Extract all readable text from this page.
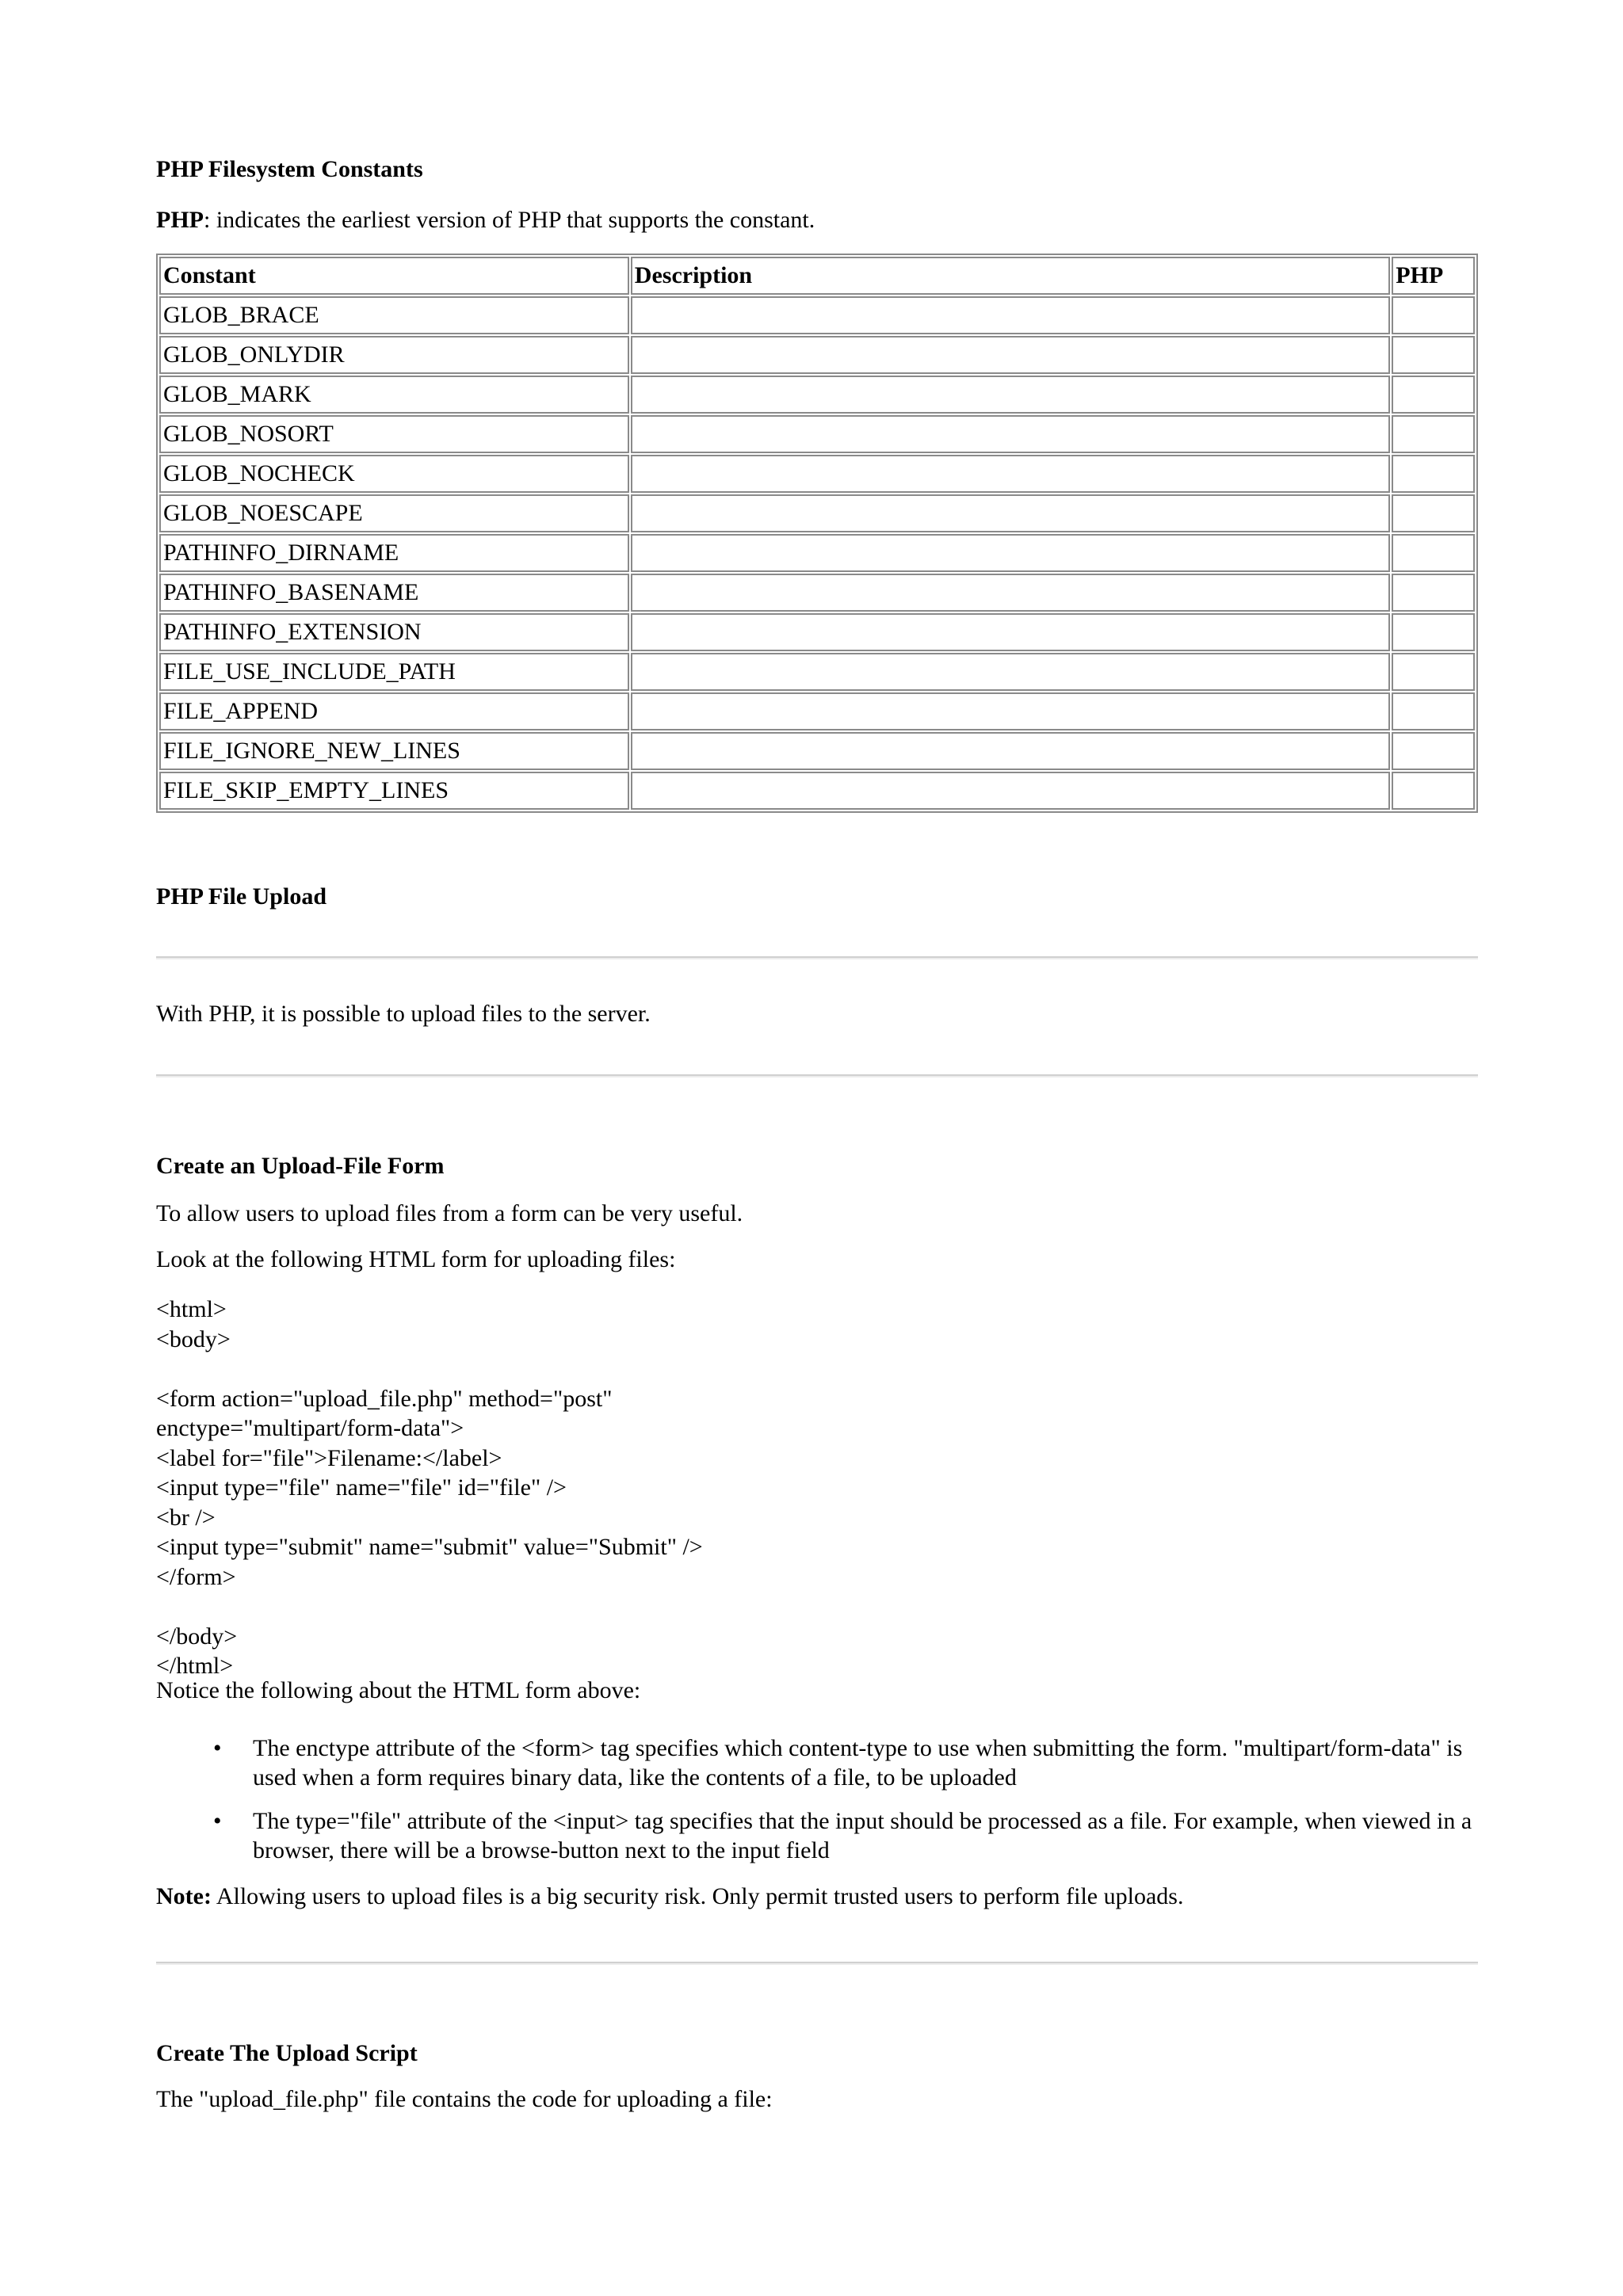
PHP Filesystem Constants

PHP: indicates the earliest version of PHP that supports the constant.

Constant	Description	PHP
GLOB_BRACE		
GLOB_ONLYDIR		
GLOB_MARK		
GLOB_NOSORT		
GLOB_NOCHECK		
GLOB_NOESCAPE		
PATHINFO_DIRNAME		
PATHINFO_BASENAME		
PATHINFO_EXTENSION		
FILE_USE_INCLUDE_PATH		
FILE_APPEND		
FILE_IGNORE_NEW_LINES		
FILE_SKIP_EMPTY_LINES		
PHP File Upload

With PHP, it is possible to upload files to the server.

Create an Upload-File Form

To allow users to upload files from a form can be very useful.

Look at the following HTML form for uploading files:

<html>
<body>

<form action="upload_file.php" method="post"
enctype="multipart/form-data">
<label for="file">Filename:</label>
<input type="file" name="file" id="file" />
<br />
<input type="submit" name="submit" value="Submit" />
</form>

</body>
</html>

Notice the following about the HTML form above:

• The enctype attribute of the <form> tag specifies which content-type to use when submitting the form. "multipart/form-data" is used when a form requires binary data, like the contents of a file, to be uploaded
• The type="file" attribute of the <input> tag specifies that the input should be processed as a file. For example, when viewed in a browser, there will be a browse-button next to the input field

Note: Allowing users to upload files is a big security risk. Only permit trusted users to perform file uploads.

Create The Upload Script

The "upload_file.php" file contains the code for uploading a file:
